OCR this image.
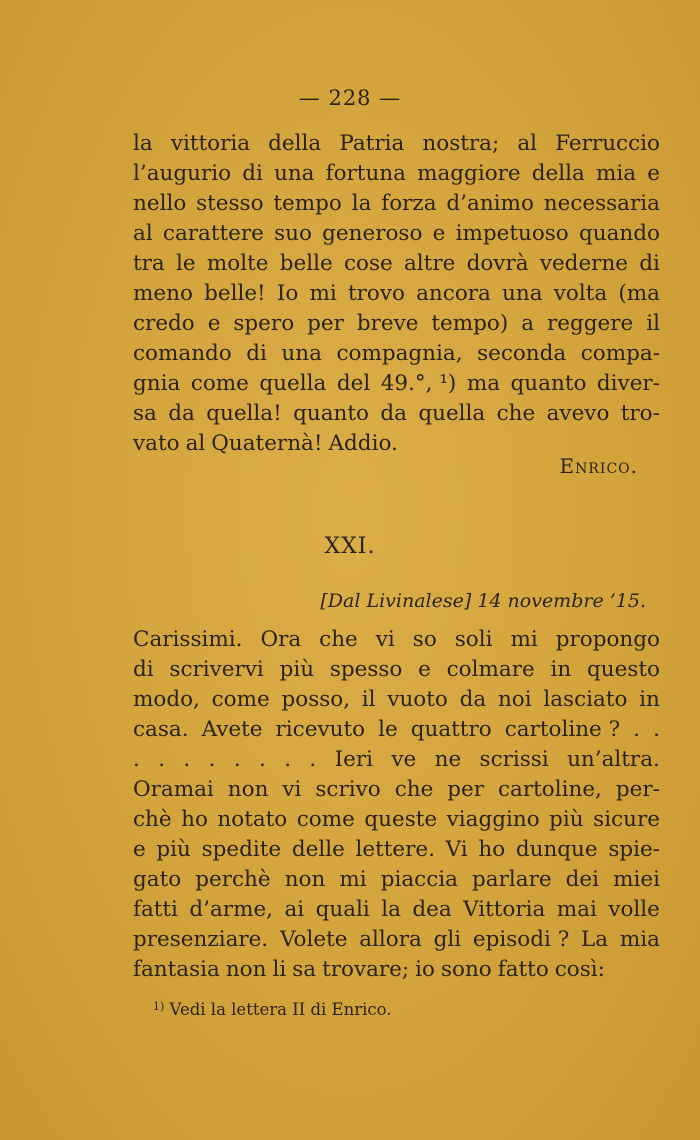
— 228 —
la vittoria della Patria nostra; al Ferruccio
l’augurio di una fortuna maggiore della mia e
nello stesso tempo la forza d’animo necessaria
al carattere suo generoso e impetuoso quando
tra le molte belle cose altre dovrà vederne di
meno belle! Io mi trovo ancora una volta (ma
credo e spero per breve tempo) a reggere il
comando di una compagnia, seconda compa-
gnia come quella del 49.°, ¹) ma quanto diver-
sa da quella! quanto da quella che avevo tro-
vato al Quaternà! Addio.
Enrico.
XXI.
[Dal Livinalese] 14 novembre ’15.
Carissimi. Ora che vi so soli mi propongo
di scrivervi più spesso e colmare in questo
modo, come posso, il vuoto da noi lasciato in
casa. Avete ricevuto le quattro cartoline ? . .
. . . . . . . . Ieri ve ne scrissi un’altra.
Oramai non vi scrivo che per cartoline, per-
chè ho notato come queste viaggino più sicure
e più spedite delle lettere. Vi ho dunque spie-
gato perchè non mi piaccia parlare dei miei
fatti d’arme, ai quali la dea Vittoria mai volle
presenziare. Volete allora gli episodi ? La mia
fantasia non li sa trovare; io sono fatto così:
$^{1)}$ Vedi la lettera II di Enrico.
